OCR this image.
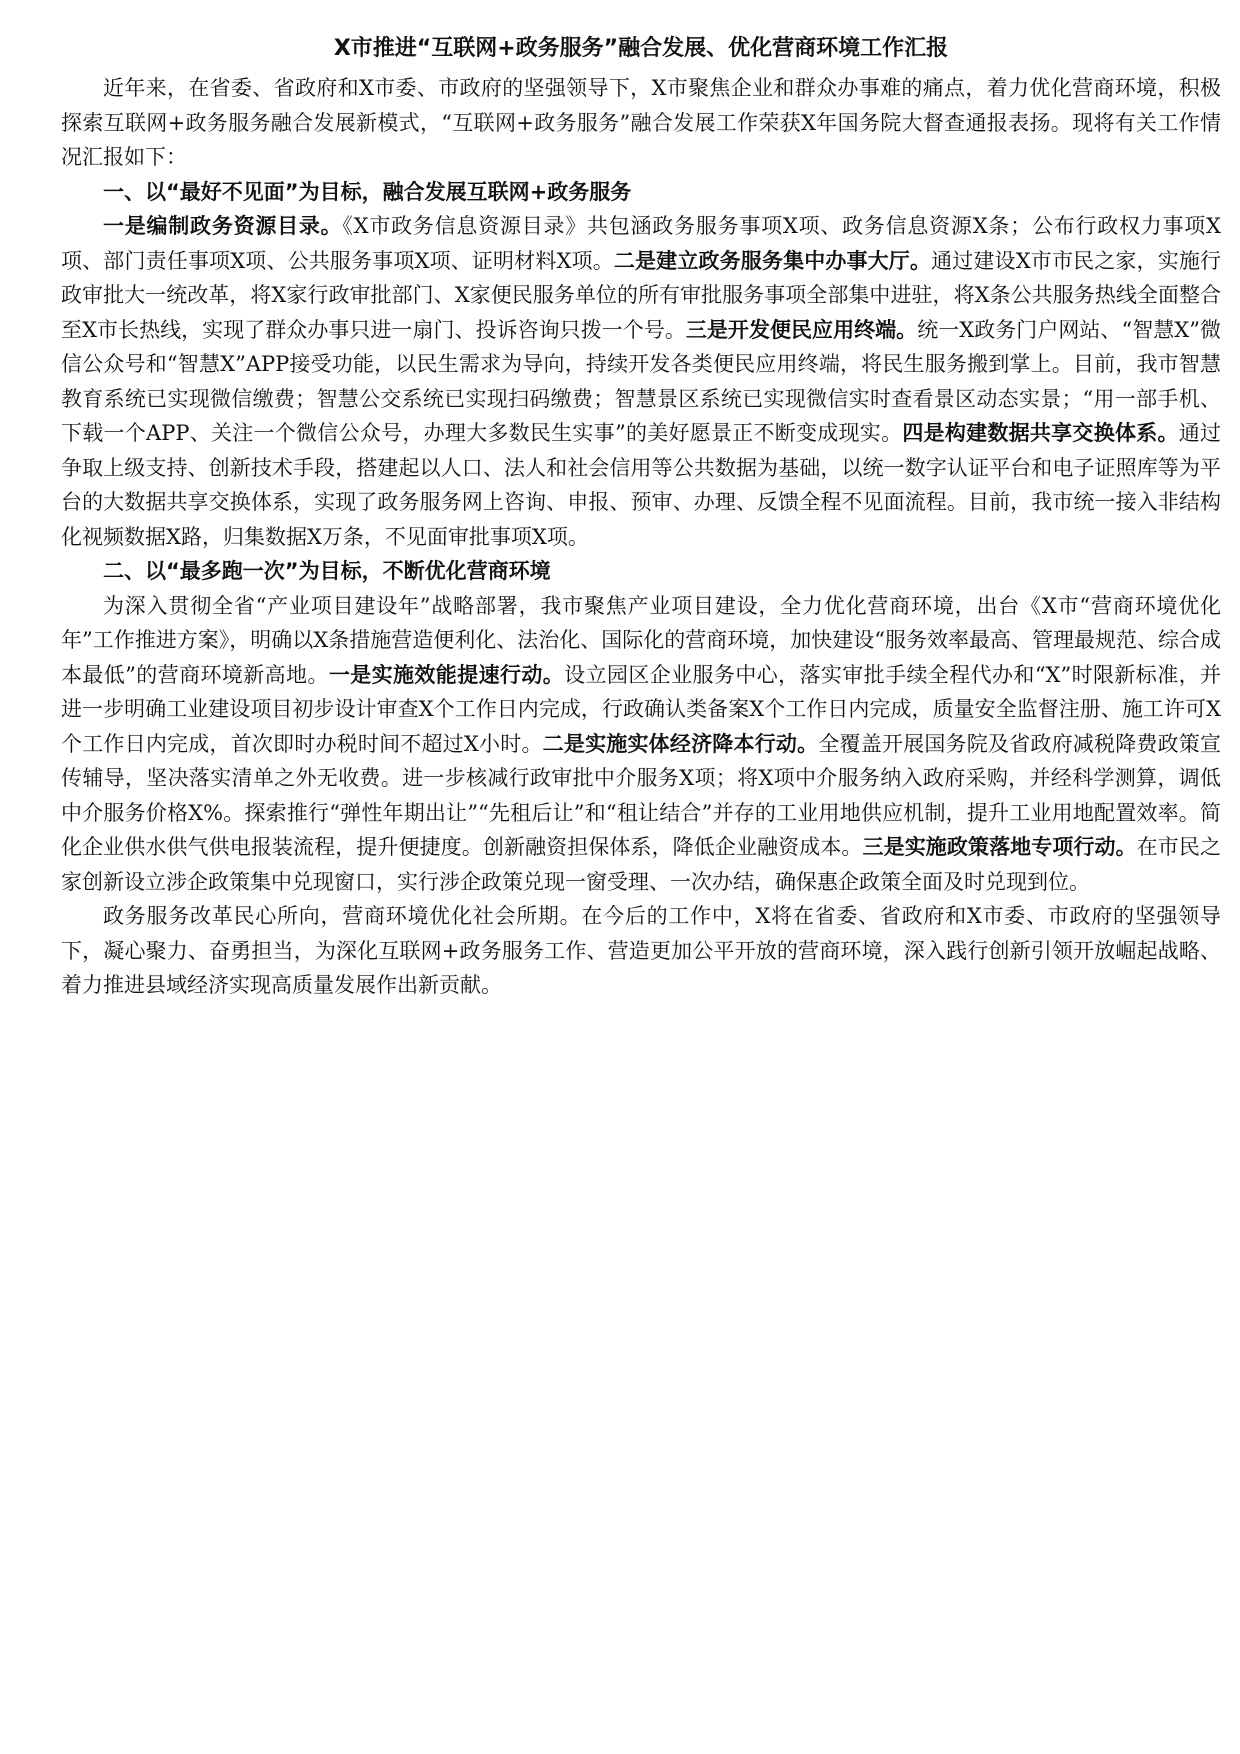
X市推进“互联网+政务服务”融合发展、优化营商环境工作汇报

近年来，在省委、省政府和X市委、市政府的坚强领导下，X市聚焦企业和群众办事难的痛点，着力优化营商环境，积极探索互联网+政务服务融合发展新模式，“互联网+政务服务”融合发展工作荣获X年国务院大督查通报表扬。现将有关工作情况汇报如下：

一、以“最好不见面”为目标，融合发展互联网+政务服务

一是编制政务资源目录。《X市政务信息资源目录》共包涵政务服务事项X项、政务信息资源X条；公布行政权力事项X项、部门责任事项X项、公共服务事项X项、证明材料X项。二是建立政务服务集中办事大厅。通过建设X市市民之家，实施行政审批大一统改革，将X家行政审批部门、X家便民服务单位的所有审批服务事项全部集中进驻，将X条公共服务热线全面整合至X市长热线，实现了群众办事只进一扇门、投诉咨询只拨一个号。三是开发便民应用终端。统一X政务门户网站、“智慧X”微信公众号和“智慧X”APP接受功能，以民生需求为导向，持续开发各类便民应用终端，将民生服务搬到掌上。目前，我市智慧教育系统已实现微信缴费；智慧公交系统已实现扫码缴费；智慧景区系统已实现微信实时查看景区动态实景；“用一部手机、下载一个APP、关注一个微信公众号，办理大多数民生实事”的美好愿景正不断变成现实。四是构建数据共享交换体系。通过争取上级支持、创新技术手段，搭建起以人口、法人和社会信用等公共数据为基础，以统一数字认证平台和电子证照库等为平台的大数据共享交换体系，实现了政务服务网上咨询、申报、预审、办理、反馈全程不见面流程。目前，我市统一接入非结构化视频数据X路，归集数据X万条，不见面审批事项X项。

二、以“最多跑一次”为目标，不断优化营商环境

为深入贯彻全省“产业项目建设年”战略部署，我市聚焦产业项目建设，全力优化营商环境，出台《X市“营商环境优化年”工作推进方案》，明确以X条措施营造便利化、法治化、国际化的营商环境，加快建设“服务效率最高、管理最规范、综合成本最低”的营商环境新高地。一是实施效能提速行动。设立园区企业服务中心，落实审批手续全程代办和“X”时限新标准，并进一步明确工业建设项目初步设计审查X个工作日内完成，行政确认类备案X个工作日内完成，质量安全监督注册、施工许可X个工作日内完成，首次即时办税时间不超过X小时。二是实施实体经济降本行动。全覆盖开展国务院及省政府减税降费政策宣传辅导，坚决落实清单之外无收费。进一步核减行政审批中介服务X项；将X项中介服务纳入政府采购，并经科学测算，调低中介服务价格X%。探索推行“弹性年期出让”“先租后让”和“租让结合”并存的工业用地供应机制，提升工业用地配置效率。简化企业供水供气供电报装流程，提升便捷度。创新融资担保体系，降低企业融资成本。三是实施政策落地专项行动。在市民之家创新设立涉企政策集中兑现窗口，实行涉企政策兑现一窗受理、一次办结，确保惠企政策全面及时兑现到位。

政务服务改革民心所向，营商环境优化社会所期。在今后的工作中，X将在省委、省政府和X市委、市政府的坚强领导下，凝心聚力、奋勇担当，为深化互联网+政务服务工作、营造更加公平开放的营商环境，深入践行创新引领开放崛起战略、着力推进县域经济实现高质量发展作出新贡献。
